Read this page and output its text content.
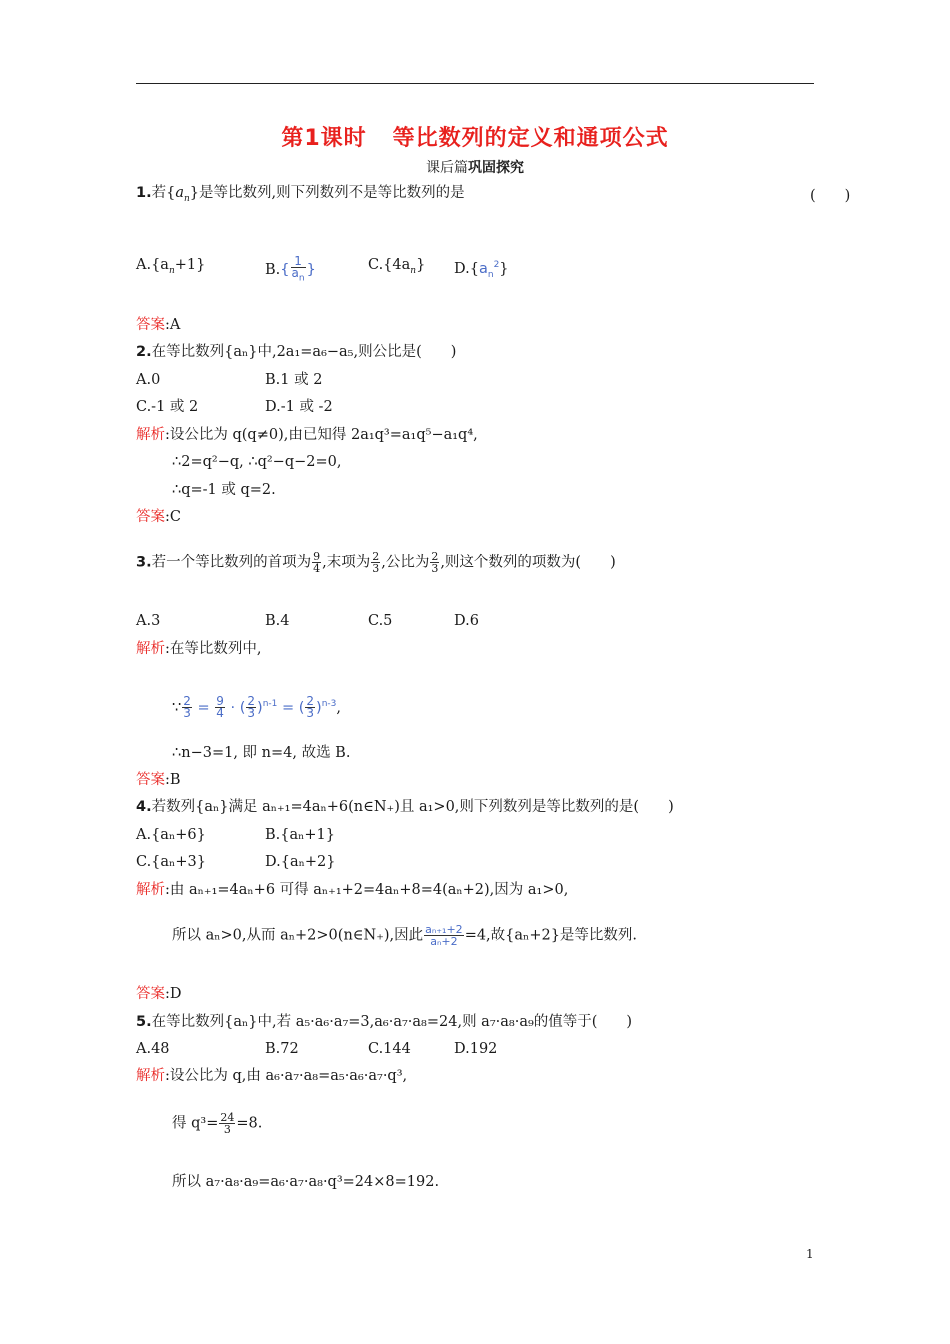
第1课时 等比数列的定义和通项公式
课后篇巩固探究
1.若$\{a_n\}$是等比数列,则下列数列不是等比数列的是	(　　)
$A.\{a_n+1\}$	$B.\{ \frac{1}{a_n}$ }	$C.\{4a_n\}$ $D.\{a_n^2\}$
答案:A
2.在等比数列{aₙ}中,2a₁=a₆−a₅,则公比是(　　)
A.0	B.1 或 2
C.-1 或 2	D.-1 或 -2
解析:设公比为 q(q≠0),由已知得 2a₁q³=a₁q⁵−a₁q⁴,
∴2=q²−q, ∴q²−q−2=0,
∴q=-1 或 q=2.
答案:C
3.若一个等比数列的首项为 $\frac{9}{4}$ ,末项为 $\frac{2}{3}$ ,公比为 $\frac{2}{3}$ ,则这个数列的项数为(　　)
A.3	B.4	C.5	D.6
解析:在等比数列中,
∵ $\frac{2}{3} = \frac{9}{4}$ · ( $\frac{2}{3} )^{n-1}$ = ( $\frac{2}{3} )^{n-3}$,
∴n−3=1, 即 n=4, 故选 B.
答案:B
4.若数列{aₙ}满足 aₙ₊₁=4aₙ+6(n∈N₊)且 a₁>0,则下列数列是等比数列的是(　　)
A.{aₙ+6}	B.{aₙ+1}
C.{aₙ+3}	D.{aₙ+2}
解析:由 aₙ₊₁=4aₙ+6 可得 aₙ₊₁+2=4aₙ+8=4(aₙ+2),因为 a₁>0,
所以 aₙ>0,从而 aₙ+2>0(n∈N₊),因此 $\frac{\text{aₙ₊₁+2}}{\text{aₙ+2}} =4$,故{aₙ+2}是等比数列.
答案:D
5.在等比数列{aₙ}中,若 a₅·a₆·a₇=3,a₆·a₇·a₈=24,则 a₇·a₈·a₉的值等于(　　)
A.48	B.72	C.144	D.192
解析:设公比为 q,由 a₆·a₇·a₈=a₅·a₆·a₇·q³,
得 $q^3= \frac{24}{3} =8$.
所以 a₇·a₈·a₉=a₆·a₇·a₈·q³=24×8=192.
1
